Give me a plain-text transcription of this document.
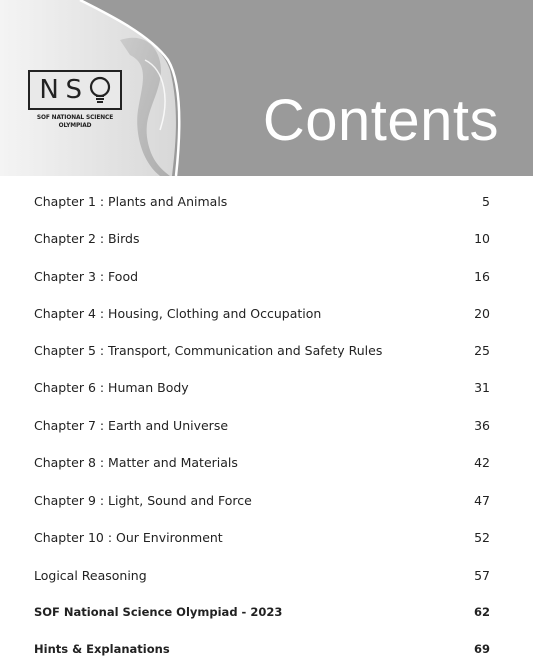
N S
SOF NATIONAL SCIENCE
OLYMPIAD	Contents
Chapter 1 : Plants and Animals	5
Chapter 2 : Birds	10
Chapter 3 : Food	16
Chapter 4 : Housing, Clothing and Occupation	20
Chapter 5 : Transport, Communication and Safety Rules	25
Chapter 6 : Human Body	31
Chapter 7 : Earth and Universe	36
Chapter 8 : Matter and Materials	42
Chapter 9 : Light, Sound and Force	47
Chapter 10 : Our Environment	52
Logical Reasoning	57
SOF National Science Olympiad - 2023	62
Hints & Explanations	69
